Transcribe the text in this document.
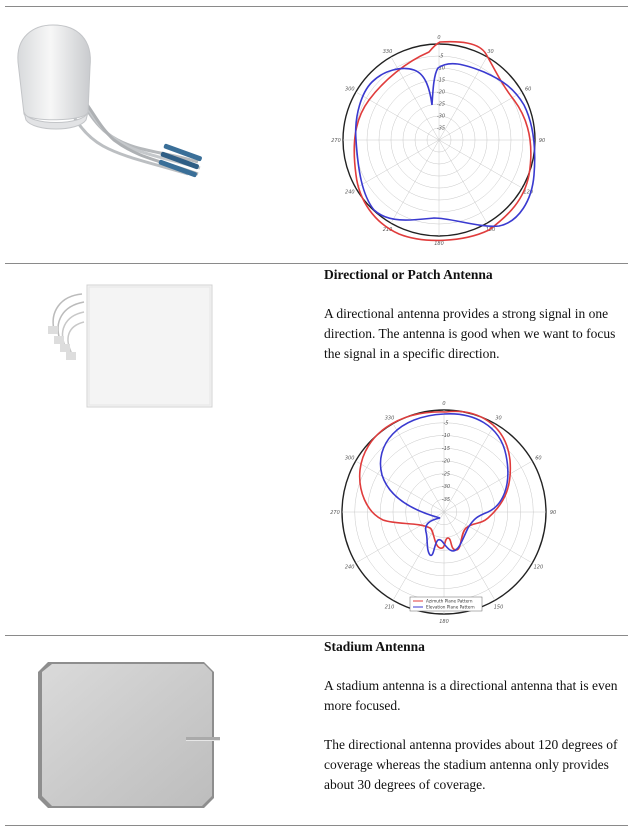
0
30
60
90
120
150
180
210
240
270
300
330
-5
-10
-15
-20
-25
-30
-35
Directional or Patch Antenna

A directional antenna provides a strong signal in one direction. The antenna is good when we want to focus the signal in a specific direction.

0
30
60
90
120
150
180
210
240
270
300
330
-5
-10
-15
-20
-25
-30
-35
Azimuth Plane Pattern
Elevation Plane Pattern
Stadium Antenna

A stadium antenna is a directional antenna that is even more focused.

The directional antenna provides about 120 degrees of coverage whereas the stadium antenna only provides about 30 degrees of coverage.
